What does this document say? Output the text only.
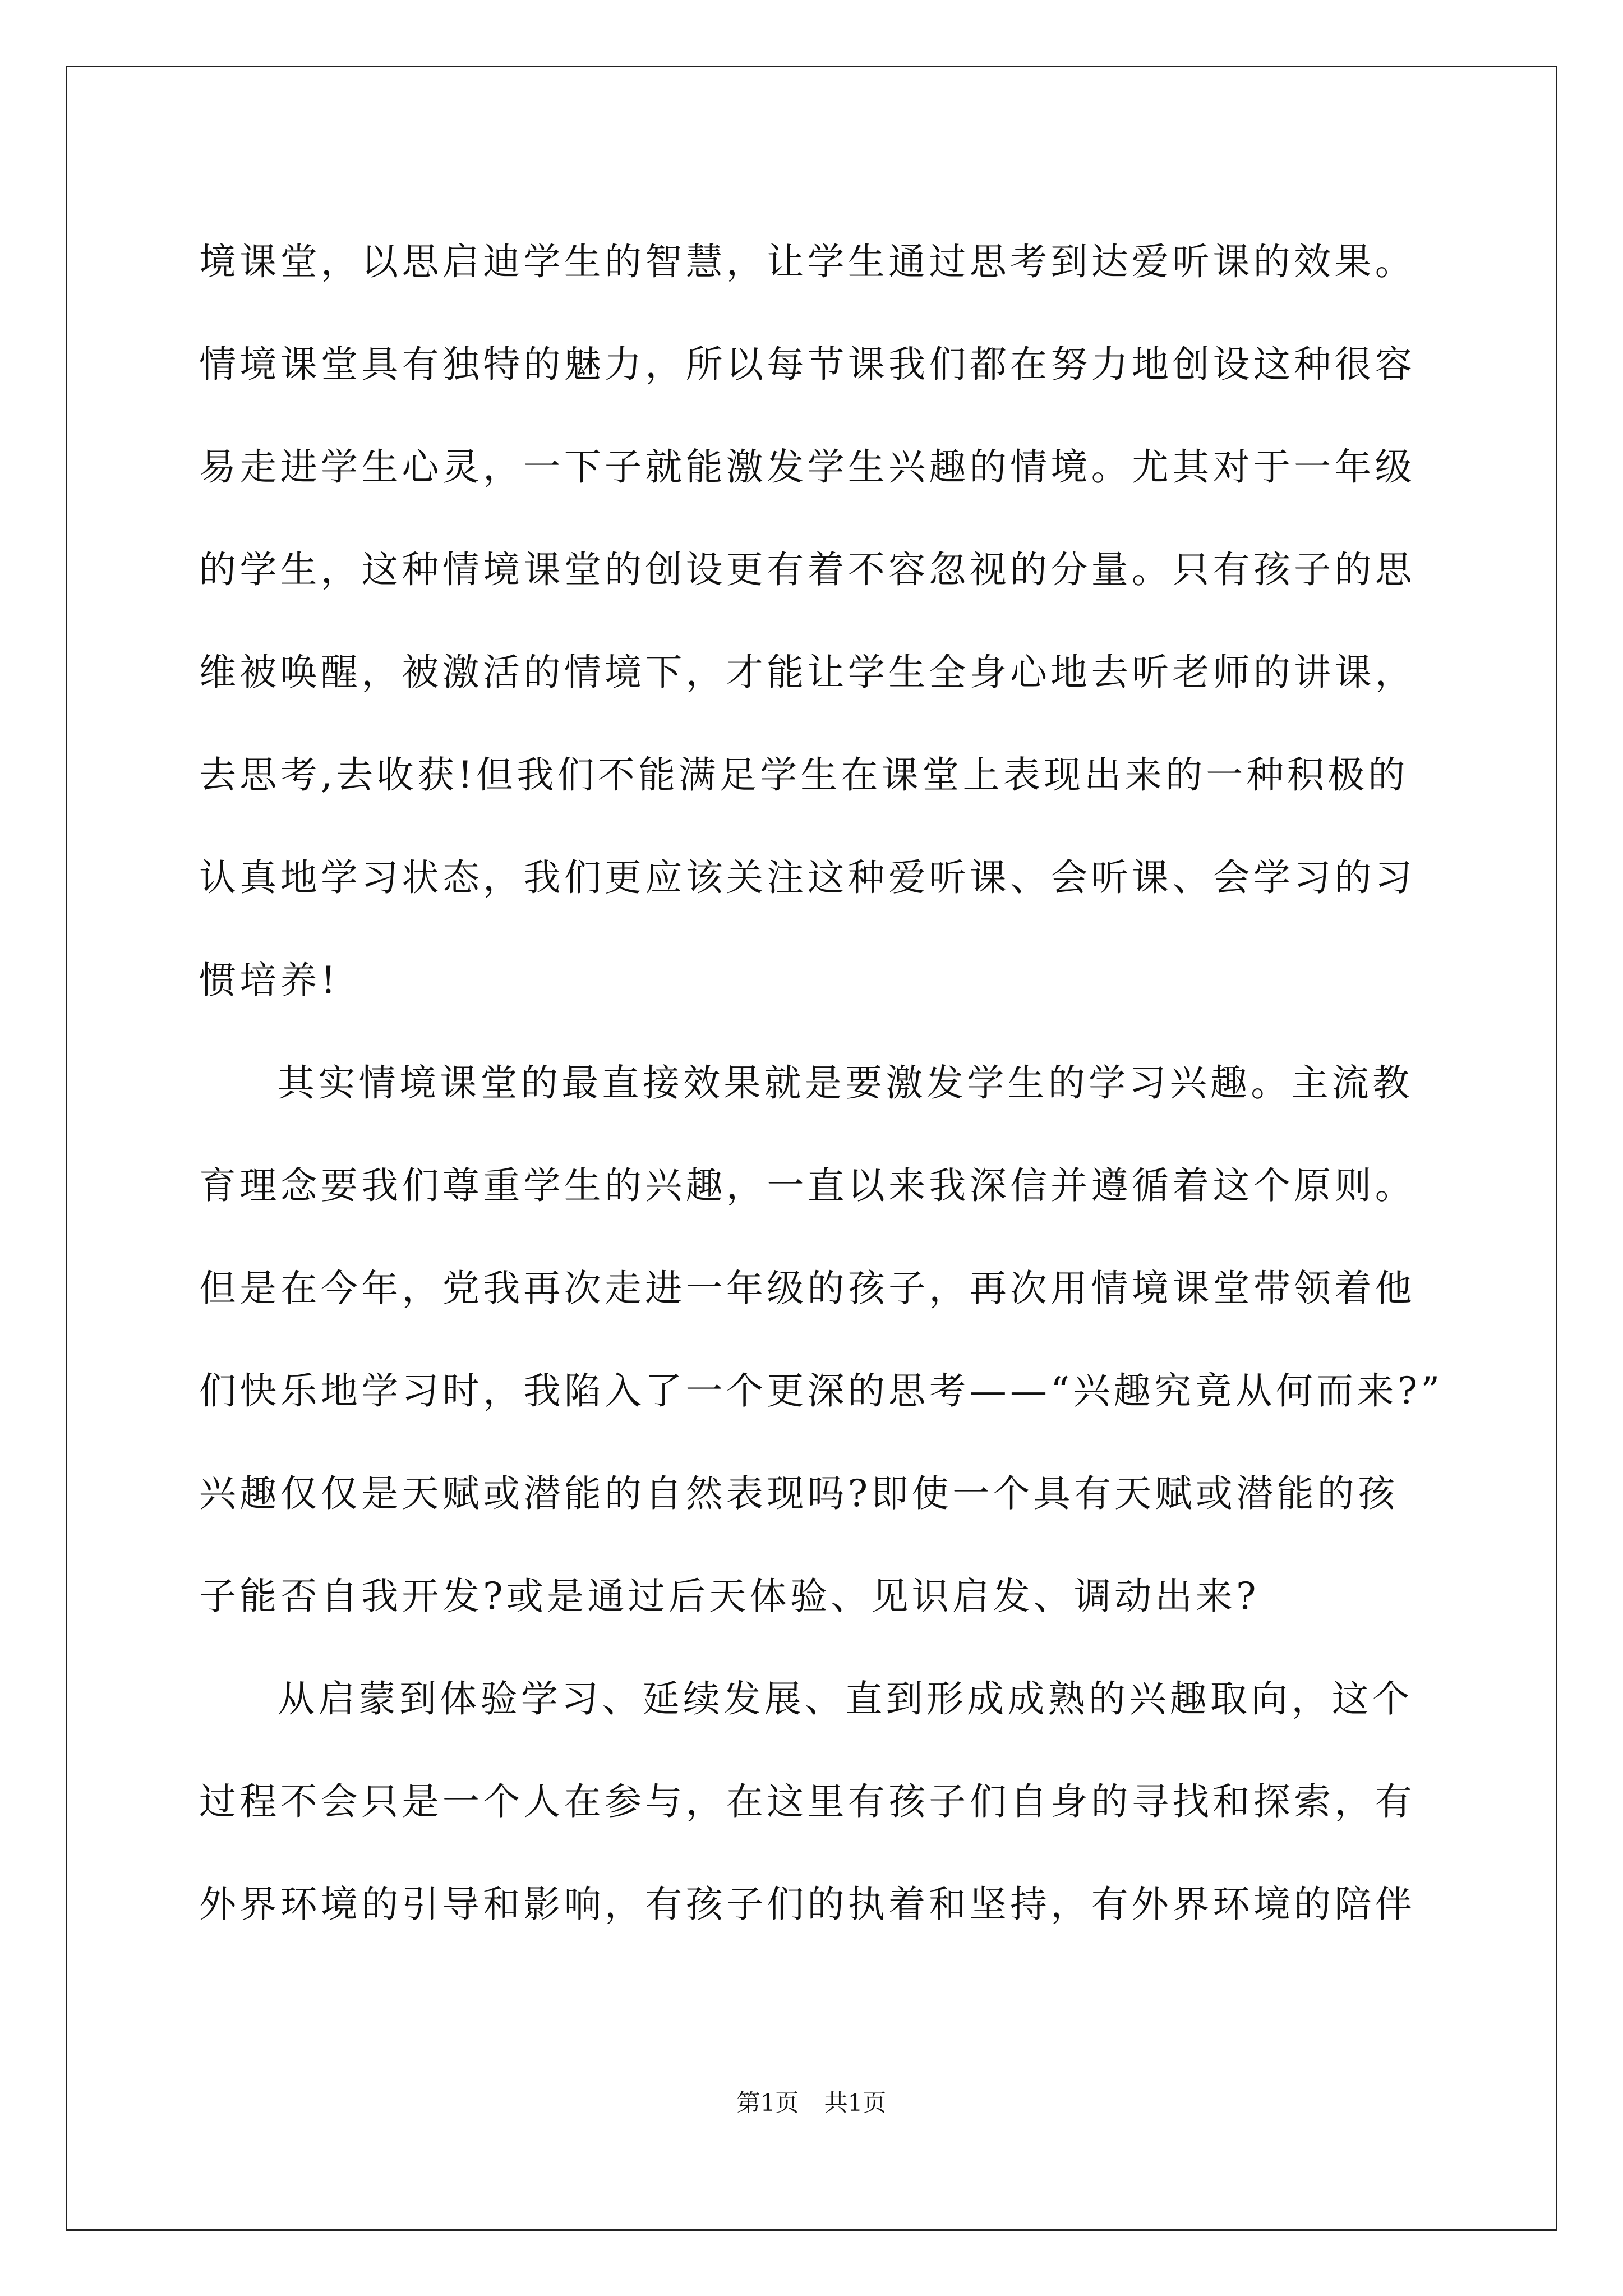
境课堂，以思启迪学生的智慧，让学生通过思考到达爱听课的效果。
情境课堂具有独特的魅力，所以每节课我们都在努力地创设这种很容
易走进学生心灵，一下子就能激发学生兴趣的情境。尤其对于一年级
的学生，这种情境课堂的创设更有着不容忽视的分量。只有孩子的思
维被唤醒，被激活的情境下，才能让学生全身心地去听老师的讲课，
去思考,去收获!但我们不能满足学生在课堂上表现出来的一种积极的
认真地学习状态，我们更应该关注这种爱听课、会听课、会学习的习
惯培养!
其实情境课堂的最直接效果就是要激发学生的学习兴趣。主流教
育理念要我们尊重学生的兴趣，一直以来我深信并遵循着这个原则。
但是在今年，党我再次走进一年级的孩子，再次用情境课堂带领着他
们快乐地学习时，我陷入了一个更深的思考——“兴趣究竟从何而来?”
兴趣仅仅是天赋或潜能的自然表现吗?即使一个具有天赋或潜能的孩
子能否自我开发?或是通过后天体验、见识启发、调动出来?
从启蒙到体验学习、延续发展、直到形成成熟的兴趣取向，这个
过程不会只是一个人在参与，在这里有孩子们自身的寻找和探索，有
外界环境的引导和影响，有孩子们的执着和坚持，有外界环境的陪伴
第1页 共1页
